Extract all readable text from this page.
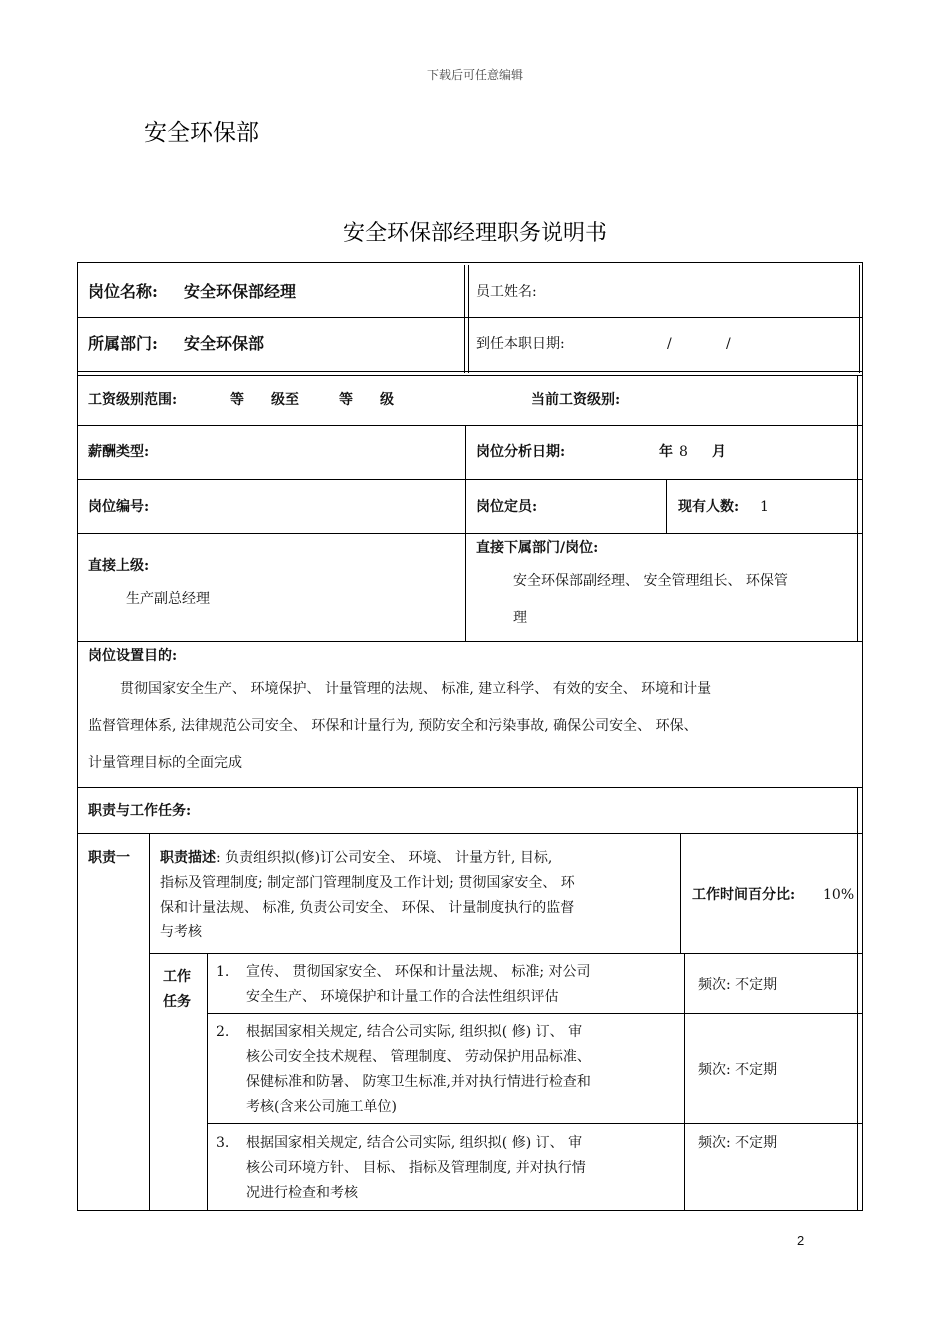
下载后可任意编辑
安全环保部
安全环保部经理职务说明书
岗位名称: 安全环保部经理	员工姓名:
所属部门: 安全环保部	到任本职日期:	/	/
工资级别范围:	等 级至	等 级	当前工资级别:
薪酬类型:	岗位分析日期:	年 8 月
岗位编号:	岗位定员:	现有人数: 1
直接上级:
生产副总经理
直接下属部门/岗位:
安全环保部副经理、 安全管理组长、 环保管
理
岗位设置目的:
贯彻国家安全生产、 环境保护、 计量管理的法规、 标准, 建立科学、 有效的安全、 环境和计量
监督管理体系, 法律规范公司安全、 环保和计量行为, 预防安全和污染事故, 确保公司安全、 环保、
计量管理目标的全面完成
职责与工作任务:
职责一 职责描述: 负责组织拟(修)订公司安全、 环境、 计量方针, 目标,
指标及管理制度; 制定部门管理制度及工作计划; 贯彻国家安全、 环
保和计量法规、 标准, 负责公司安全、 环保、 计量制度执行的监督
与考核
工作时间百分比: 10%
工作
任务
1. 宣传、 贯彻国家安全、 环保和计量法规、 标准; 对公司
安全生产、 环境保护和计量工作的合法性组织评估
频次: 不定期
2. 根据国家相关规定, 结合公司实际, 组织拟( 修) 订、 审
核公司安全技术规程、 管理制度、 劳动保护用品标准、
保健标准和防暑、 防寒卫生标准,并对执行情进行检查和
考核(含来公司施工单位)
频次: 不定期
3. 根据国家相关规定, 结合公司实际, 组织拟( 修) 订、 审
核公司环境方针、 目标、 指标及管理制度, 并对执行情
况进行检查和考核
频次: 不定期
2
